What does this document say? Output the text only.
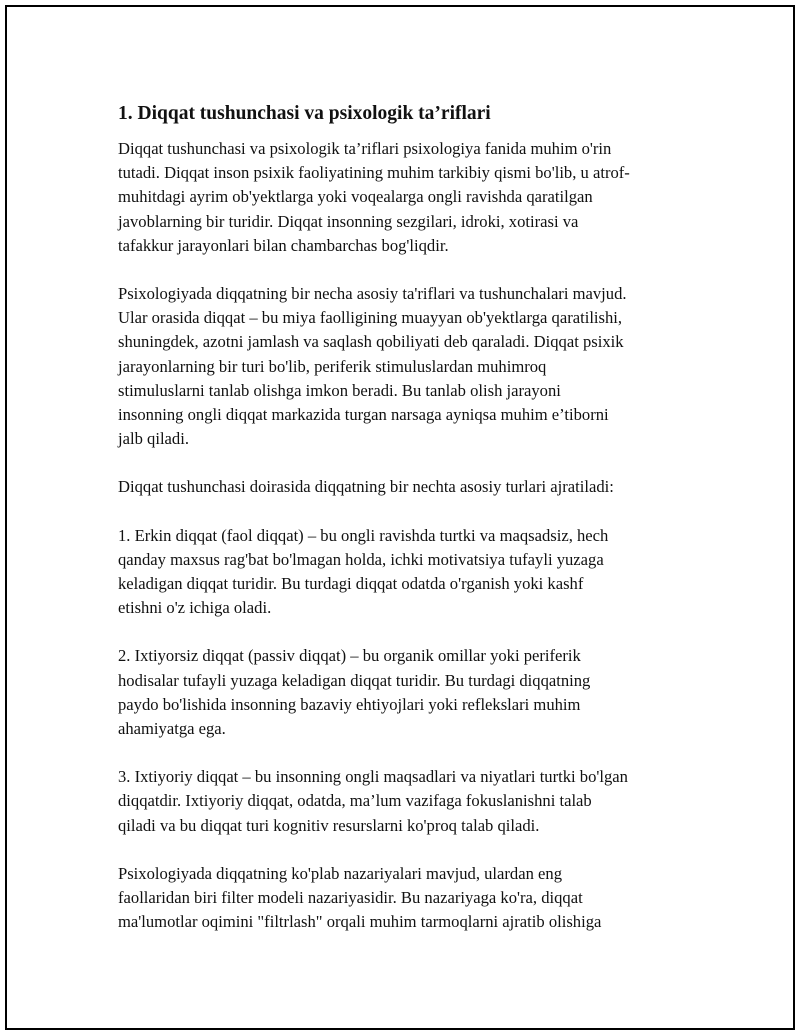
1. Diqqat tushunchasi va psixologik ta’riflari

Diqqat tushunchasi va psixologik ta’riflari psixologiya fanida muhim o'rin
tutadi. Diqqat inson psixik faoliyatining muhim tarkibiy qismi bo'lib, u atrof-
muhitdagi ayrim ob'yektlarga yoki voqealarga ongli ravishda qaratilgan
javoblarning bir turidir. Diqqat insonning sezgilari, idroki, xotirasi va
tafakkur jarayonlari bilan chambarchas bog'liqdir.

Psixologiyada diqqatning bir necha asosiy ta'riflari va tushunchalari mavjud.
Ular orasida diqqat – bu miya faolligining muayyan ob'yektlarga qaratilishi,
shuningdek, azotni jamlash va saqlash qobiliyati deb qaraladi. Diqqat psixik
jarayonlarning bir turi bo'lib, periferik stimuluslardan muhimroq
stimuluslarni tanlab olishga imkon beradi. Bu tanlab olish jarayoni
insonning ongli diqqat markazida turgan narsaga ayniqsa muhim e’tiborni
jalb qiladi.

Diqqat tushunchasi doirasida diqqatning bir nechta asosiy turlari ajratiladi:

1. Erkin diqqat (faol diqqat) – bu ongli ravishda turtki va maqsadsiz, hech
qanday maxsus rag'bat bo'lmagan holda, ichki motivatsiya tufayli yuzaga
keladigan diqqat turidir. Bu turdagi diqqat odatda o'rganish yoki kashf
etishni o'z ichiga oladi.

2. Ixtiyorsiz diqqat (passiv diqqat) – bu organik omillar yoki periferik
hodisalar tufayli yuzaga keladigan diqqat turidir. Bu turdagi diqqatning
paydo bo'lishida insonning bazaviy ehtiyojlari yoki reflekslari muhim
ahamiyatga ega.

3. Ixtiyoriy diqqat – bu insonning ongli maqsadlari va niyatlari turtki bo'lgan
diqqatdir. Ixtiyoriy diqqat, odatda, ma’lum vazifaga fokuslanishni talab
qiladi va bu diqqat turi kognitiv resurslarni ko'proq talab qiladi.

Psixologiyada diqqatning ko'plab nazariyalari mavjud, ulardan eng
faollaridan biri filter modeli nazariyasidir. Bu nazariyaga ko'ra, diqqat
ma'lumotlar oqimini "filtrlash" orqali muhim tarmoqlarni ajratib olishiga
